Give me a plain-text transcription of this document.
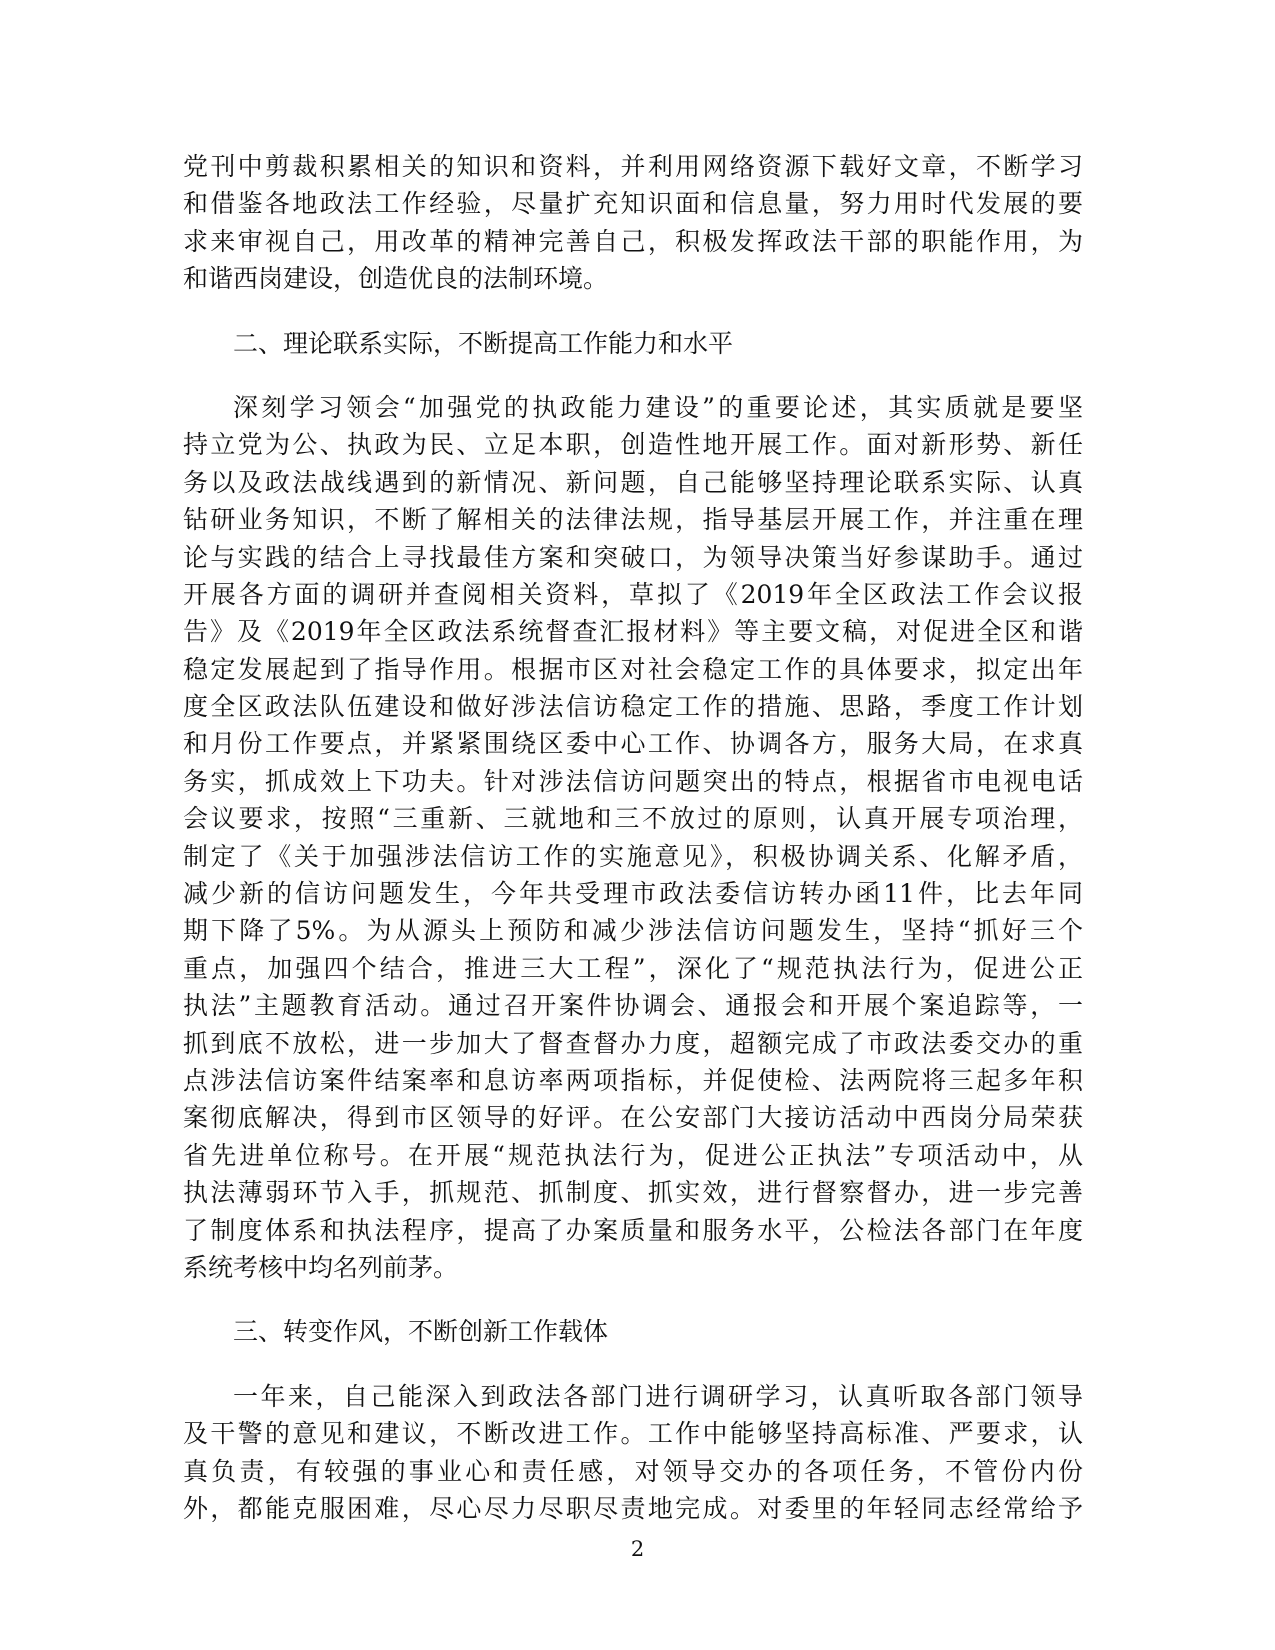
党刊中剪裁积累相关的知识和资料，并利用网络资源下载好文章，不断学习
和借鉴各地政法工作经验，尽量扩充知识面和信息量，努力用时代发展的要
求来审视自己，用改革的精神完善自己，积极发挥政法干部的职能作用，为
和谐西岗建设，创造优良的法制环境。
二、理论联系实际，不断提高工作能力和水平
深刻学习领会“加强党的执政能力建设”的重要论述，其实质就是要坚
持立党为公、执政为民、立足本职，创造性地开展工作。面对新形势、新任
务以及政法战线遇到的新情况、新问题，自己能够坚持理论联系实际、认真
钻研业务知识，不断了解相关的法律法规，指导基层开展工作，并注重在理
论与实践的结合上寻找最佳方案和突破口，为领导决策当好参谋助手。通过
开展各方面的调研并查阅相关资料，草拟了《2019年全区政法工作会议报
告》及《2019年全区政法系统督查汇报材料》等主要文稿，对促进全区和谐
稳定发展起到了指导作用。根据市区对社会稳定工作的具体要求，拟定出年
度全区政法队伍建设和做好涉法信访稳定工作的措施、思路，季度工作计划
和月份工作要点，并紧紧围绕区委中心工作、协调各方，服务大局，在求真
务实，抓成效上下功夫。针对涉法信访问题突出的特点，根据省市电视电话
会议要求，按照“三重新、三就地和三不放过的原则，认真开展专项治理，
制定了《关于加强涉法信访工作的实施意见》，积极协调关系、化解矛盾，
减少新的信访问题发生，今年共受理市政法委信访转办函11件，比去年同
期下降了5%。为从源头上预防和减少涉法信访问题发生，坚持“抓好三个
重点，加强四个结合，推进三大工程”，深化了“规范执法行为，促进公正
执法”主题教育活动。通过召开案件协调会、通报会和开展个案追踪等，一
抓到底不放松，进一步加大了督查督办力度，超额完成了市政法委交办的重
点涉法信访案件结案率和息访率两项指标，并促使检、法两院将三起多年积
案彻底解决，得到市区领导的好评。在公安部门大接访活动中西岗分局荣获
省先进单位称号。在开展“规范执法行为，促进公正执法”专项活动中，从
执法薄弱环节入手，抓规范、抓制度、抓实效，进行督察督办，进一步完善
了制度体系和执法程序，提高了办案质量和服务水平，公检法各部门在年度
系统考核中均名列前茅。
三、转变作风，不断创新工作载体
一年来，自己能深入到政法各部门进行调研学习，认真听取各部门领导
及干警的意见和建议，不断改进工作。工作中能够坚持高标准、严要求，认
真负责，有较强的事业心和责任感，对领导交办的各项任务，不管份内份
外，都能克服困难，尽心尽力尽职尽责地完成。对委里的年轻同志经常给予
2
